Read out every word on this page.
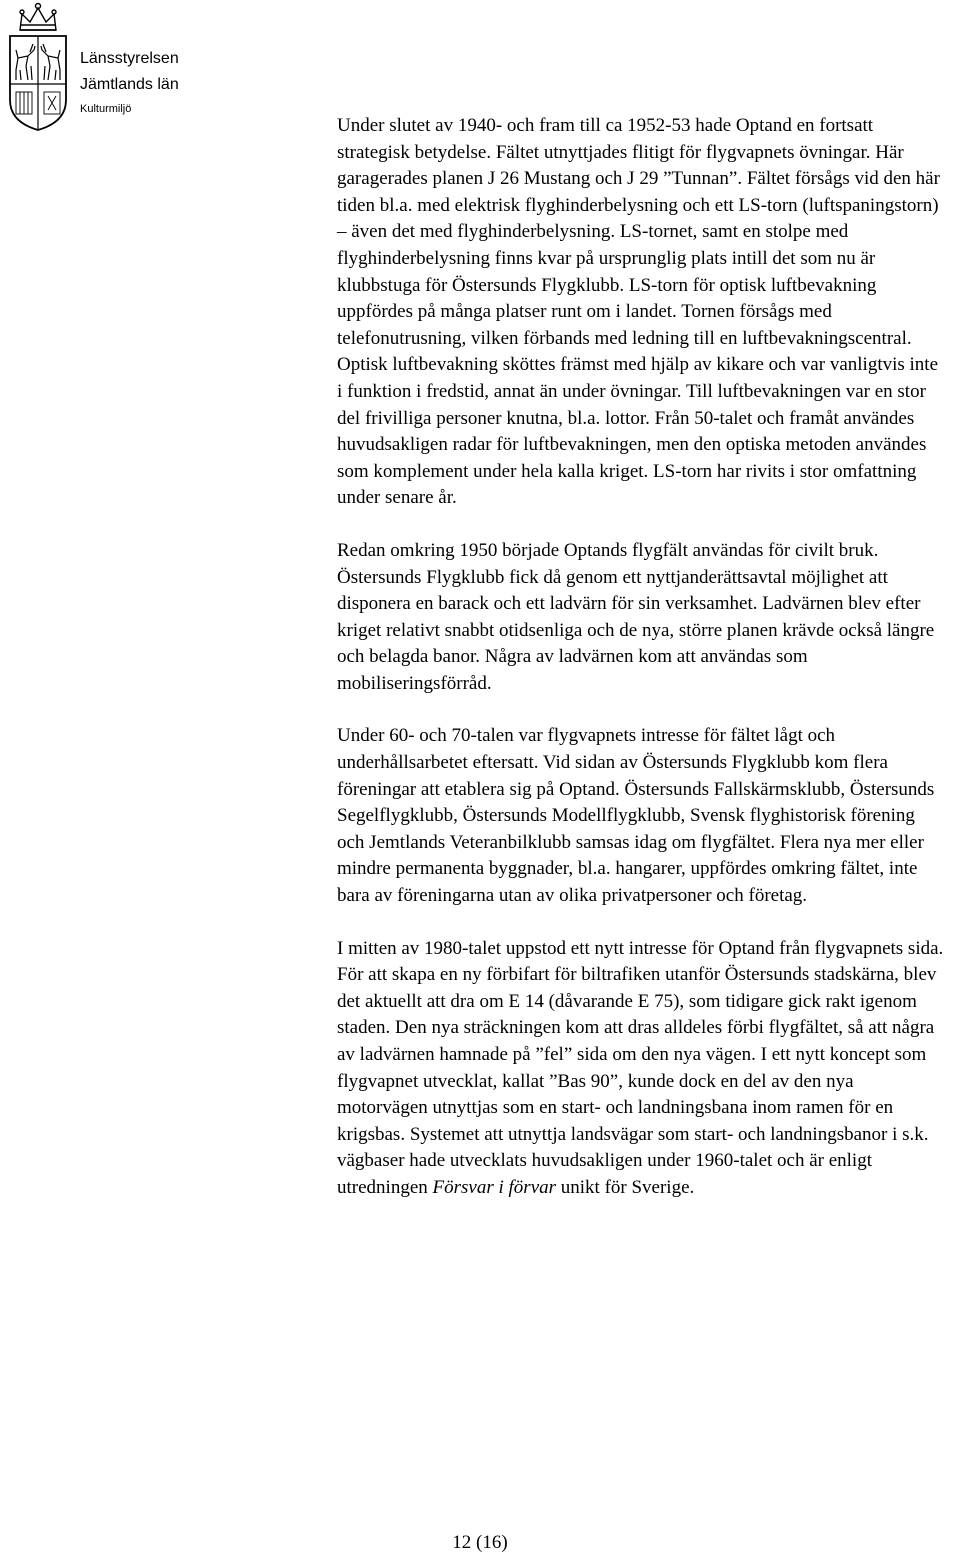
Länsstyrelsen
Jämtlands län
Kulturmiljö

Under slutet av 1940- och fram till ca 1952-53 hade Optand en fortsatt strategisk betydelse. Fältet utnyttjades flitigt för flygvapnets övningar. Här garagerades planen J 26 Mustang och J 29 ”Tunnan”. Fältet försågs vid den här tiden bl.a. med elektrisk flyghinderbelysning och ett LS-torn (luftspaningstorn) – även det med flyghinderbelysning. LS-tornet, samt en stolpe med flyghinderbelysning finns kvar på ursprunglig plats intill det som nu är klubbstuga för Östersunds Flygklubb. LS-torn för optisk luftbevakning uppfördes på många platser runt om i landet. Tornen försågs med telefonutrusning, vilken förbands med ledning till en luftbevakningscentral. Optisk luftbevakning sköttes främst med hjälp av kikare och var vanligtvis inte i funktion i fredstid, annat än under övningar. Till luftbevakningen var en stor del frivilliga personer knutna, bl.a. lottor. Från 50-talet och framåt användes huvudsakligen radar för luftbevakningen, men den optiska metoden användes som komplement under hela kalla kriget. LS-torn har rivits i stor omfattning under senare år.

Redan omkring 1950 började Optands flygfält användas för civilt bruk. Östersunds Flygklubb fick då genom ett nyttjanderättsavtal möjlighet att disponera en barack och ett ladvärn för sin verksamhet. Ladvärnen blev efter kriget relativt snabbt otidsenliga och de nya, större planen krävde också längre och belagda banor. Några av ladvärnen kom att användas som mobiliseringsförråd.

Under 60- och 70-talen var flygvapnets intresse för fältet lågt och underhållsarbetet eftersatt. Vid sidan av Östersunds Flygklubb kom flera föreningar att etablera sig på Optand. Östersunds Fallskärmsklubb, Östersunds Segelflygklubb, Östersunds Modellflygklubb, Svensk flyghistorisk förening och Jemtlands Veteranbilklubb samsas idag om flygfältet. Flera nya mer eller mindre permanenta byggnader, bl.a. hangarer, uppfördes omkring fältet, inte bara av föreningarna utan av olika privatpersoner och företag.

I mitten av 1980-talet uppstod ett nytt intresse för Optand från flygvapnets sida. För att skapa en ny förbifart för biltrafiken utanför Östersunds stadskärna, blev det aktuellt att dra om E 14 (dåvarande E 75), som tidigare gick rakt igenom staden. Den nya sträckningen kom att dras alldeles förbi flygfältet, så att några av ladvärnen hamnade på ”fel” sida om den nya vägen. I ett nytt koncept som flygvapnet utvecklat, kallat ”Bas 90”, kunde dock en del av den nya motorvägen utnyttjas som en start- och landningsbana inom ramen för en krigsbas. Systemet att utnyttja landsvägar som start- och landningsbanor i s.k. vägbaser hade utvecklats huvudsakligen under 1960-talet och är enligt utredningen Försvar i förvar unikt för Sverige.

12 (16)
